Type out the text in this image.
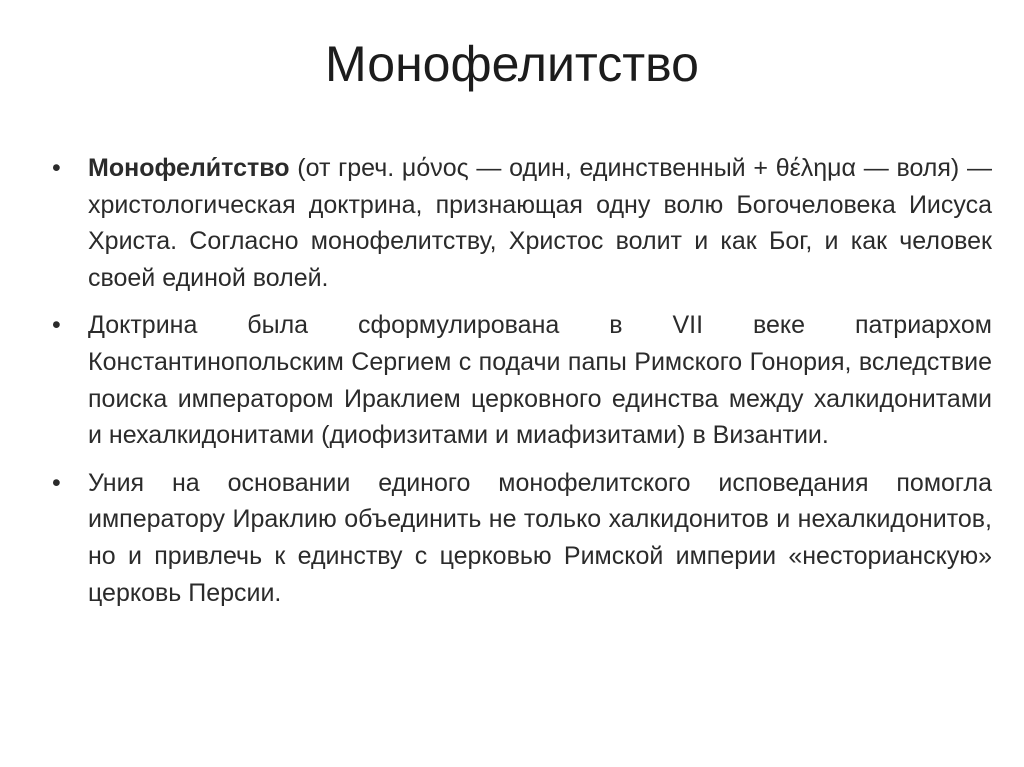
Монофелитство
•	Монофели́тство (от греч. μόνος — один, единственный + θέλημα — воля) — христологическая доктрина, признающая одну волю Богочеловека Иисуса Христа. Согласно монофелитству, Христос волит и как Бог, и как человек своей единой волей.
•	Доктрина была сформулирована в VII веке патриархом Константинопольским Сергием с подачи папы Римского Гонория, вследствие поиска императором Ираклием церковного единства между халкидонитами и нехалкидонитами (диофизитами и миафизитами) в Византии.
•	Уния на основании единого монофелитского исповедания помогла императору Ираклию объединить не только халкидонитов и нехалкидонитов, но и привлечь к единству с церковью Римской империи «несторианскую» церковь Персии.
